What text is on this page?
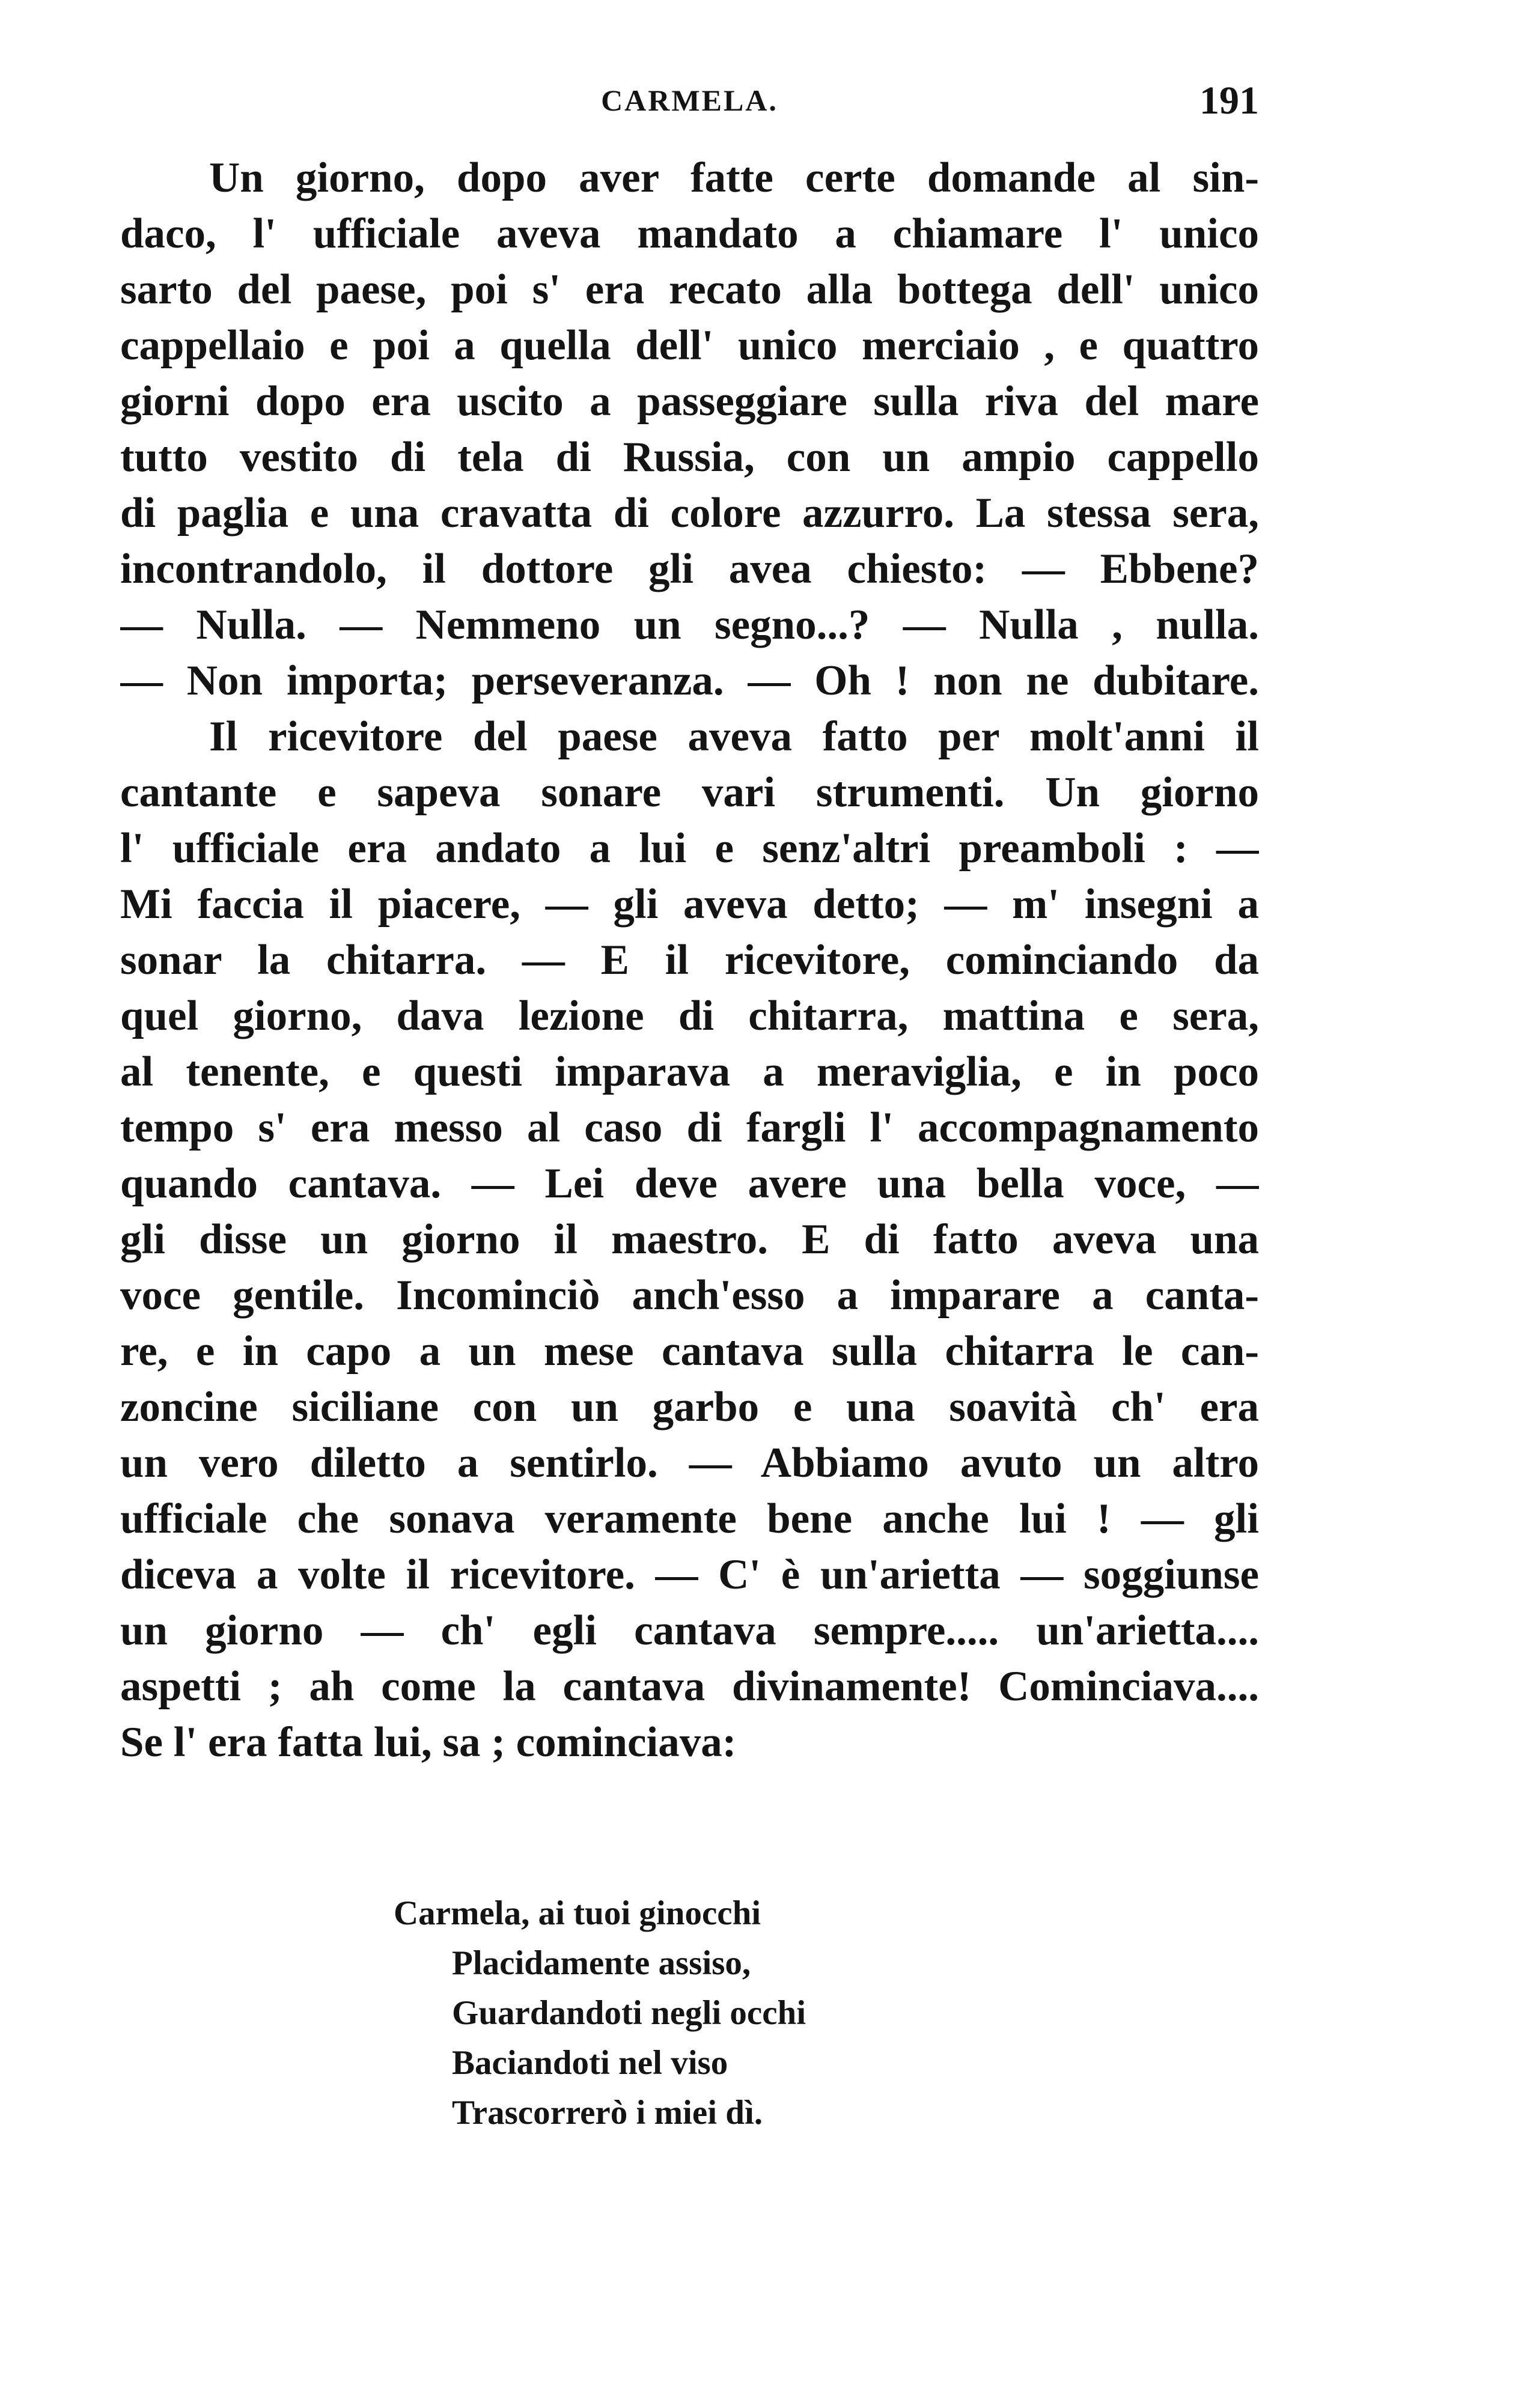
CARMELA.	191
Un giorno, dopo aver fatte certe domande al sin-
daco, l' ufficiale aveva mandato a chiamare l' unico
sarto del paese, poi s' era recato alla bottega dell' unico
cappellaio e poi a quella dell' unico merciaio , e quattro
giorni dopo era uscito a passeggiare sulla riva del mare
tutto vestito di tela di Russia, con un ampio cappello
di paglia e una cravatta di colore azzurro. La stessa sera,
incontrandolo, il dottore gli avea chiesto: — Ebbene?
— Nulla. — Nemmeno un segno...? — Nulla , nulla.
— Non importa; perseveranza. — Oh ! non ne dubitare.
Il ricevitore del paese aveva fatto per molt'anni il
cantante e sapeva sonare vari strumenti. Un giorno
l' ufficiale era andato a lui e senz'altri preamboli : —
Mi faccia il piacere, — gli aveva detto; — m' insegni a
sonar la chitarra. — E il ricevitore, cominciando da
quel giorno, dava lezione di chitarra, mattina e sera,
al tenente, e questi imparava a meraviglia, e in poco
tempo s' era messo al caso di fargli l' accompagnamento
quando cantava. — Lei deve avere una bella voce, —
gli disse un giorno il maestro. E di fatto aveva una
voce gentile. Incominciò anch'esso a imparare a canta-
re, e in capo a un mese cantava sulla chitarra le can-
zoncine siciliane con un garbo e una soavità ch' era
un vero diletto a sentirlo. — Abbiamo avuto un altro
ufficiale che sonava veramente bene anche lui ! — gli
diceva a volte il ricevitore. — C' è un'arietta — soggiunse
un giorno — ch' egli cantava sempre..... un'arietta....
aspetti ; ah come la cantava divinamente! Cominciava....
Se l' era fatta lui, sa ; cominciava:
Carmela, ai tuoi ginocchi
Placidamente assiso,
Guardandoti negli occhi
Baciandoti nel viso
Trascorrerò i miei dì.
